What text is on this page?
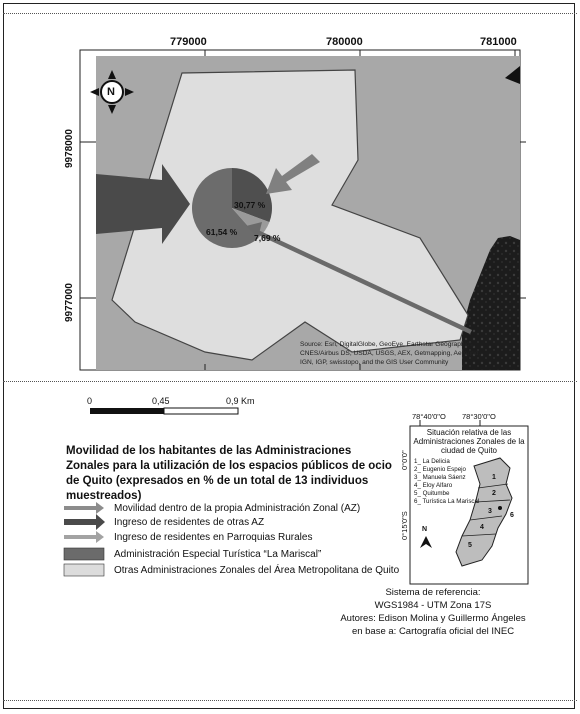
779000	780000	781000
9978000
9977000
30,77 %
61,54 %
7,69 %
N
Source: Esri, DigitalGlobe, GeoEye, Earthstar Geographics,
CNES/Airbus DS, USDA, USGS, AEX, Getmapping, Aerogrid,
IGN, IGP, swisstopo, and the GIS User Community
0	0,45	0,9 Km
Movilidad de los habitantes de las Administraciones Zonales para la utilización de los espacios públicos de ocio de Quito (expresados en % de un total de 13 individuos muestreados)
Movilidad dentro de la propia Administración Zonal (AZ)
Ingreso de residentes de otras AZ
Ingreso de residentes en Parroquias Rurales
Administración Especial Turística “La Mariscal”
Otras Administraciones Zonales del Área Metropolitana de Quito
78°40'0"O 78°30'0"O
0°0'0"
0°15'0"S
Situación relativa de las Administraciones Zonales de la ciudad de Quito
1_ La Delicia
2_ Eugenio Espejo
3_ Manuela Sáenz
4_ Eloy Alfaro
5_ Quitumbe
6_ Turística La Mariscal
1
2
3
4
5
6
N
Sistema de referencia:
WGS1984 - UTM Zona 17S
Autores: Edison Molina y Guillermo Ángeles
en base a: Cartografía oficial del INEC
